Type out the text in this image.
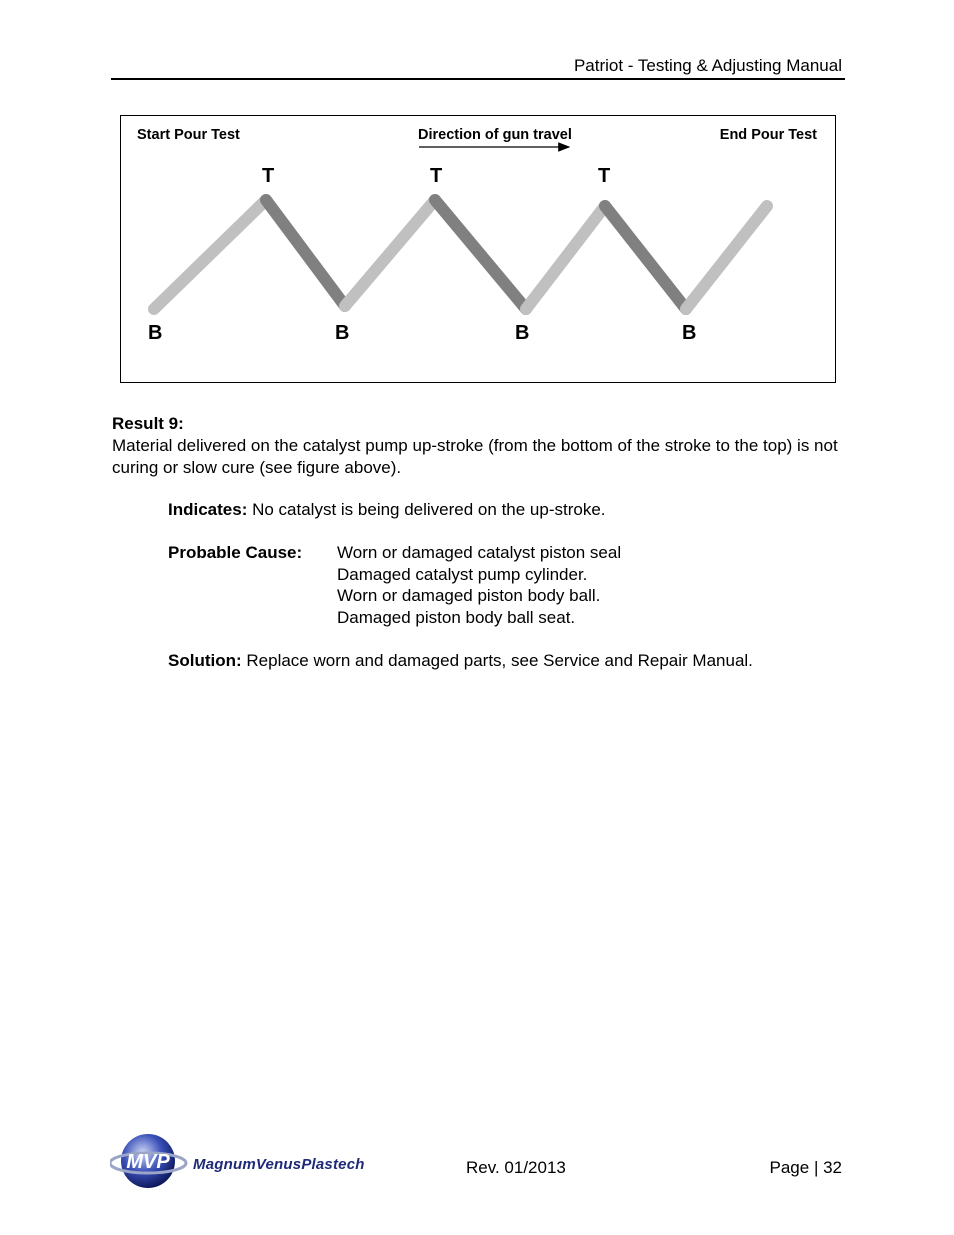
Patriot - Testing & Adjusting Manual
Start Pour Test	Direction of gun travel	End Pour Test
T	T	T
B	B	B	B
Result 9:
Material delivered on the catalyst pump up-stroke (from the bottom of the stroke to the top) is not curing or slow cure (see figure above).
Indicates: No catalyst is being delivered on the up-stroke.
Probable Cause: Worn or damaged catalyst piston seal
Damaged catalyst pump cylinder.
Worn or damaged piston body ball.
Damaged piston body ball seat.
Solution: Replace worn and damaged parts, see Service and Repair Manual.
MVP MagnumVenusPlastech	Rev. 01/2013	Page | 32
